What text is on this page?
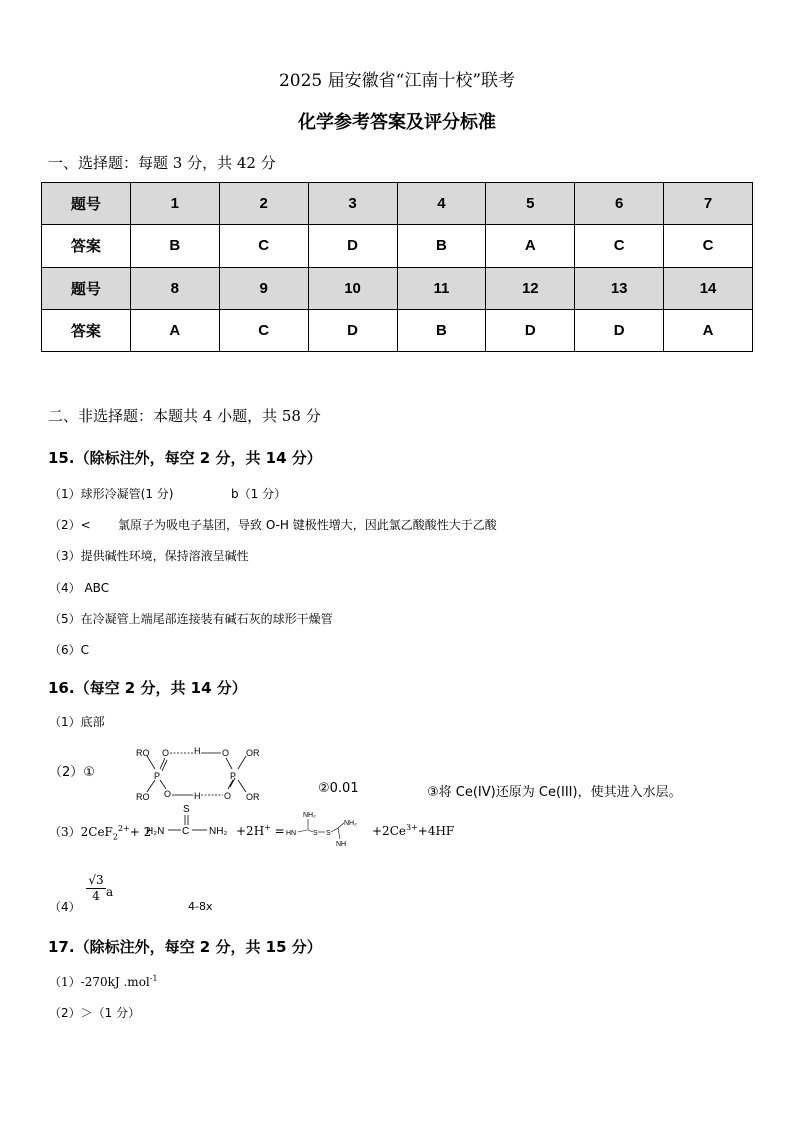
2025 届安徽省“江南十校”联考
化学参考答案及评分标准
一、选择题：每题 3 分，共 42 分
题号	1	2	3	4	5	6	7
答案	B	C	D	B	A	C	C
题号	8	9	10	11	12	13	14
答案	A	C	D	B	D	D	A
二、非选择题：本题共 4 小题，共 58 分
15.（除标注外，每空 2 分，共 14 分）
（1）球形冷凝管(1 分)	b（1 分）
（2）< 氯原子为吸电子基团，导致 O-H 键极性增大，因此氯乙酸酸性大于乙酸
（3）提供碱性环境，保持溶液呈碱性
（4） ABC
（5）在冷凝管上端尾部连接装有碱石灰的球形干燥管
（6）C
16.（每空 2 分，共 14 分）
（1）底部
（2）①
RO
RO
O
O
H
H
O
O
P	P
OR
OR
②0.01	③将 Ce(IV)还原为 Ce(III)，使其进入水层。
（3）2CeF$_2^{2+}$+ 2
S
H₂N C NH₂ +2H+ =
NH₂
HN S S
NH₂
NH
$+2Ce^{3+}+4HF$
（4）
$\frac{√3}{4}$ a
4-8x
17.（除标注外，每空 2 分，共 15 分）
（1）-270kJ .mol$^{-1}$
（2）＞（1 分）
